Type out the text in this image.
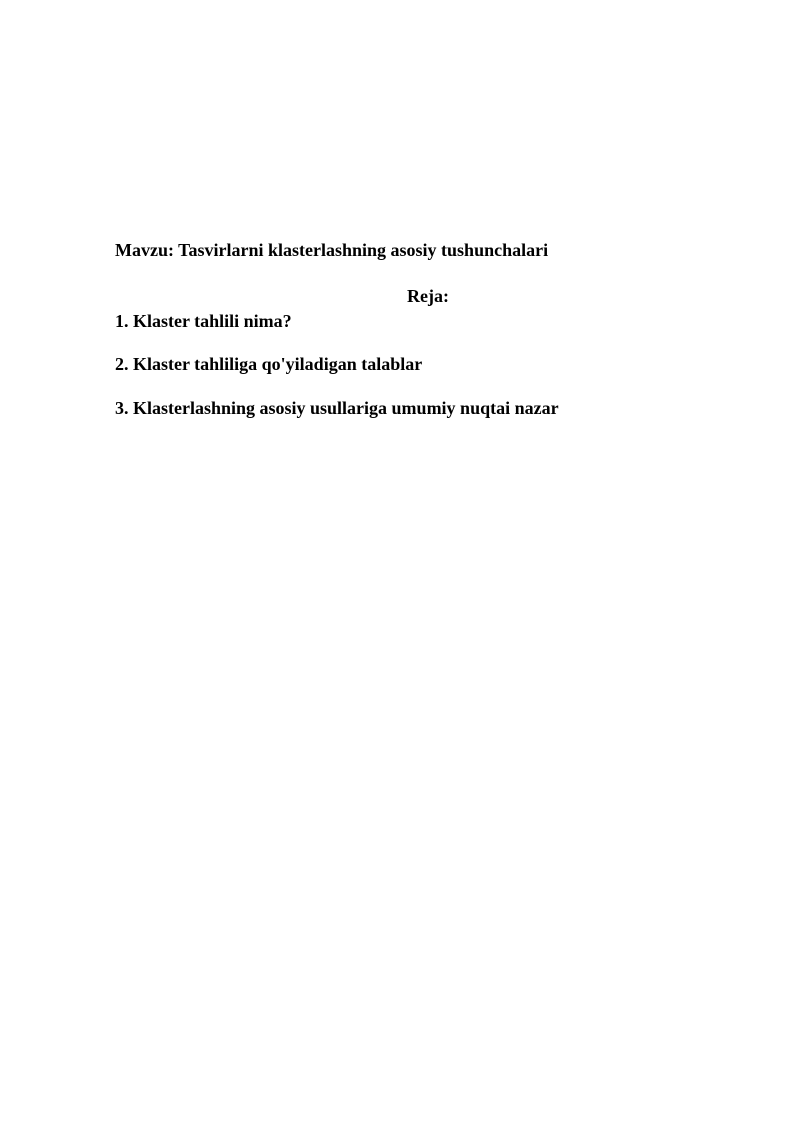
Mavzu: Tasvirlarni klasterlashning asosiy tushunchalari
Reja:
1. Klaster tahlili nima?
2. Klaster tahliliga qo'yiladigan talablar
3. Klasterlashning asosiy usullariga umumiy nuqtai nazar
